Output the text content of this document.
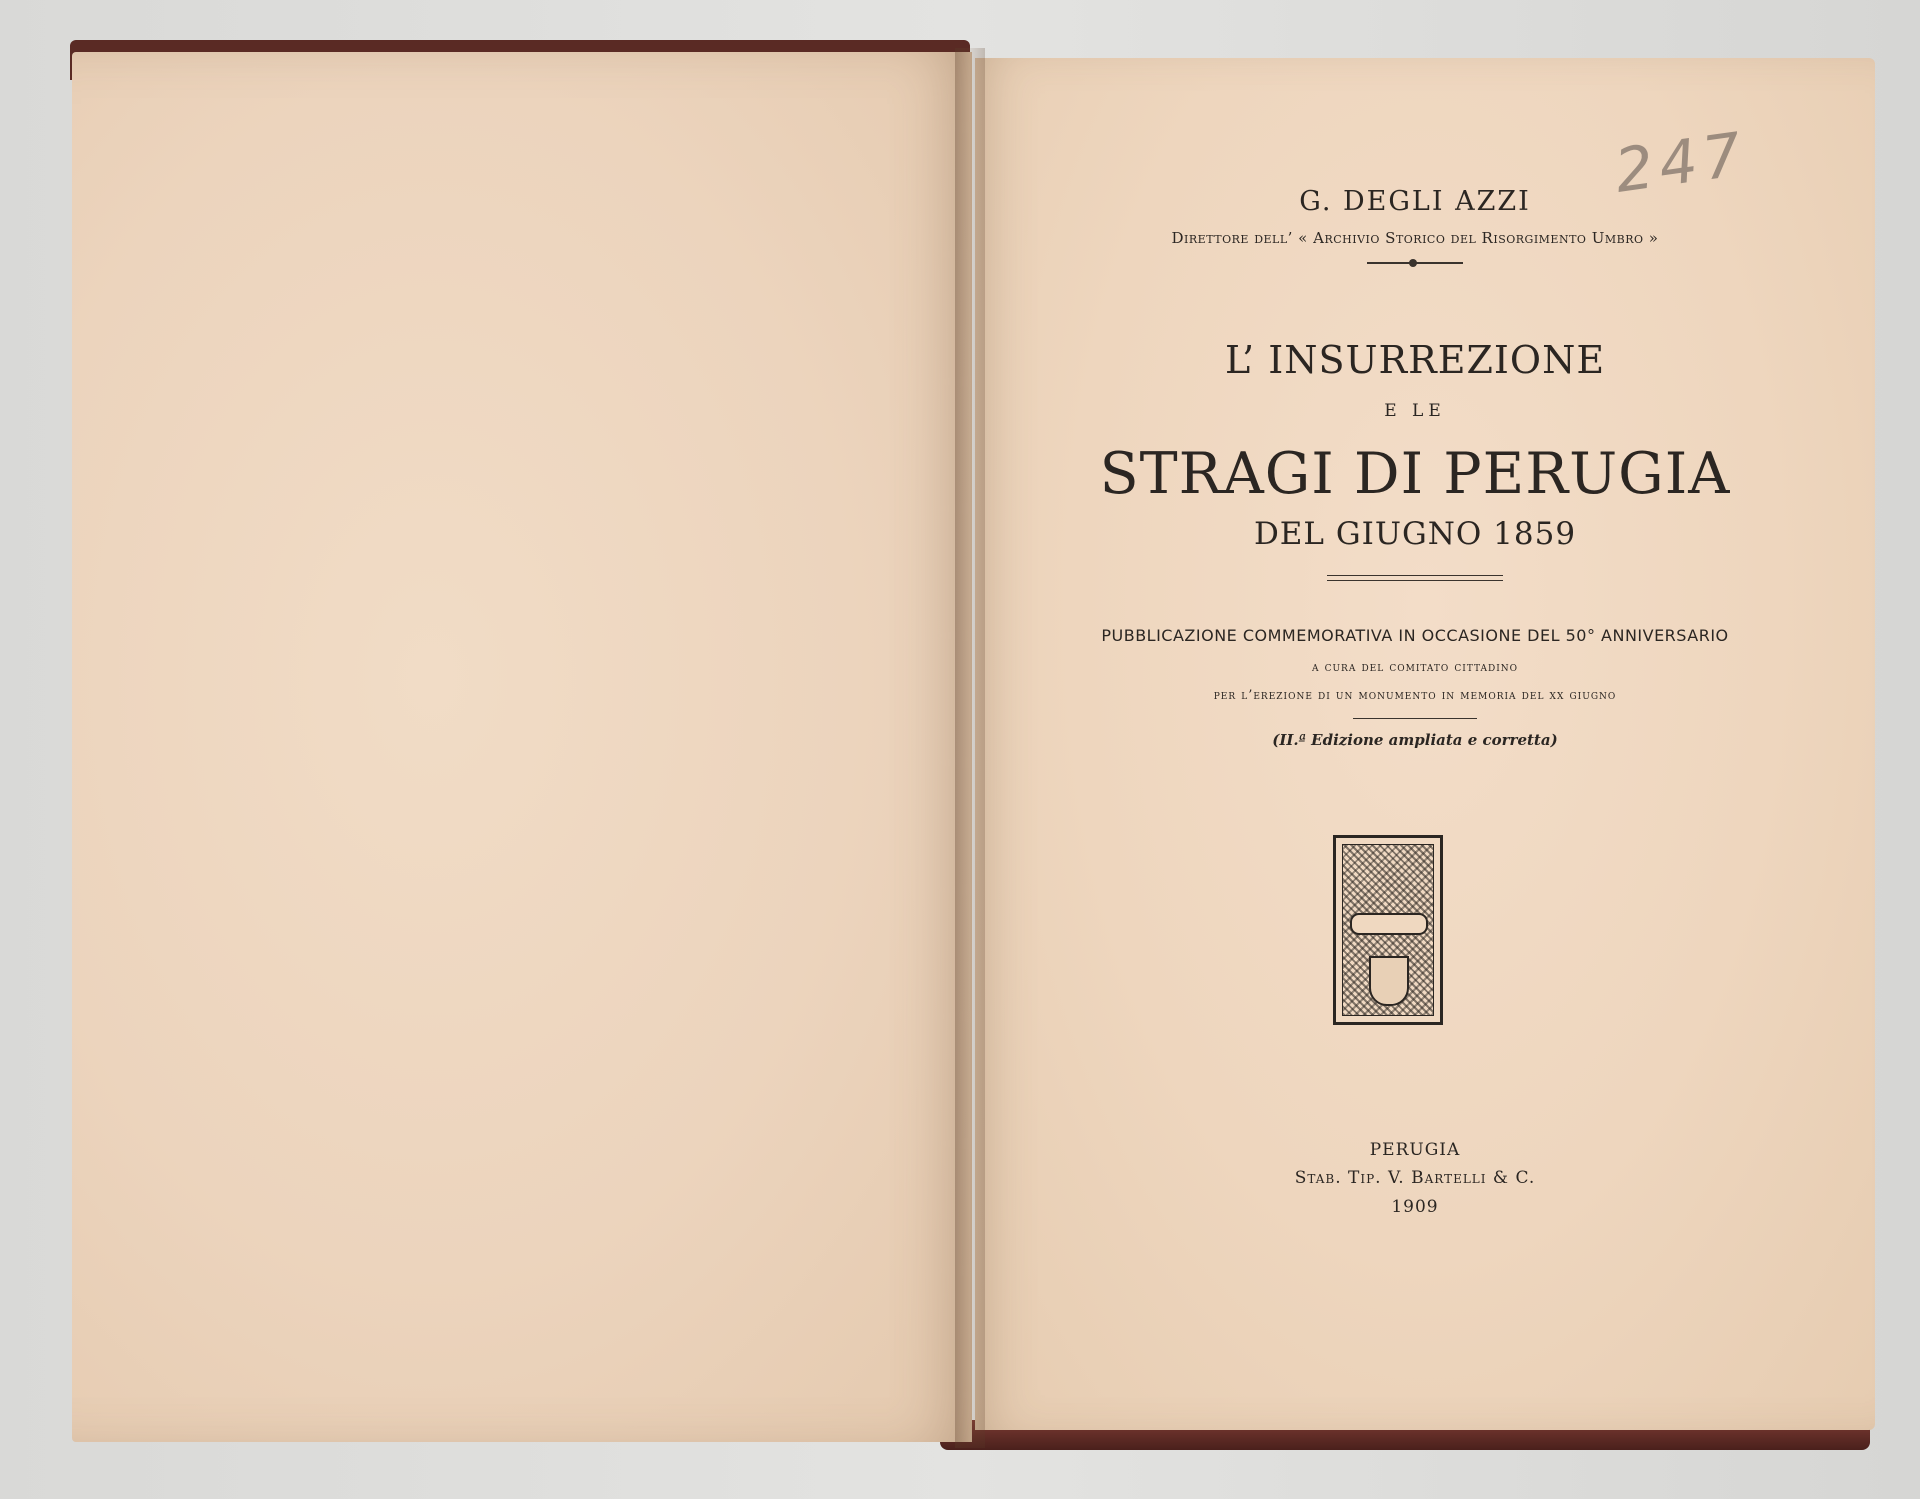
247
G. DEGLI AZZI
Direttore dell’ « Archivio Storico del Risorgimento Umbro »
L’ INSURREZIONE
E LE
STRAGI DI PERUGIA
DEL GIUGNO 1859
PUBBLICAZIONE COMMEMORATIVA IN OCCASIONE DEL 50° ANNIVERSARIO
a cura del comitato cittadino
per l’erezione di un monumento in memoria del xx giugno
(II.ª Edizione ampliata e corretta)
PERUGIA
Stab. Tip. V. Bartelli & C.
1909
